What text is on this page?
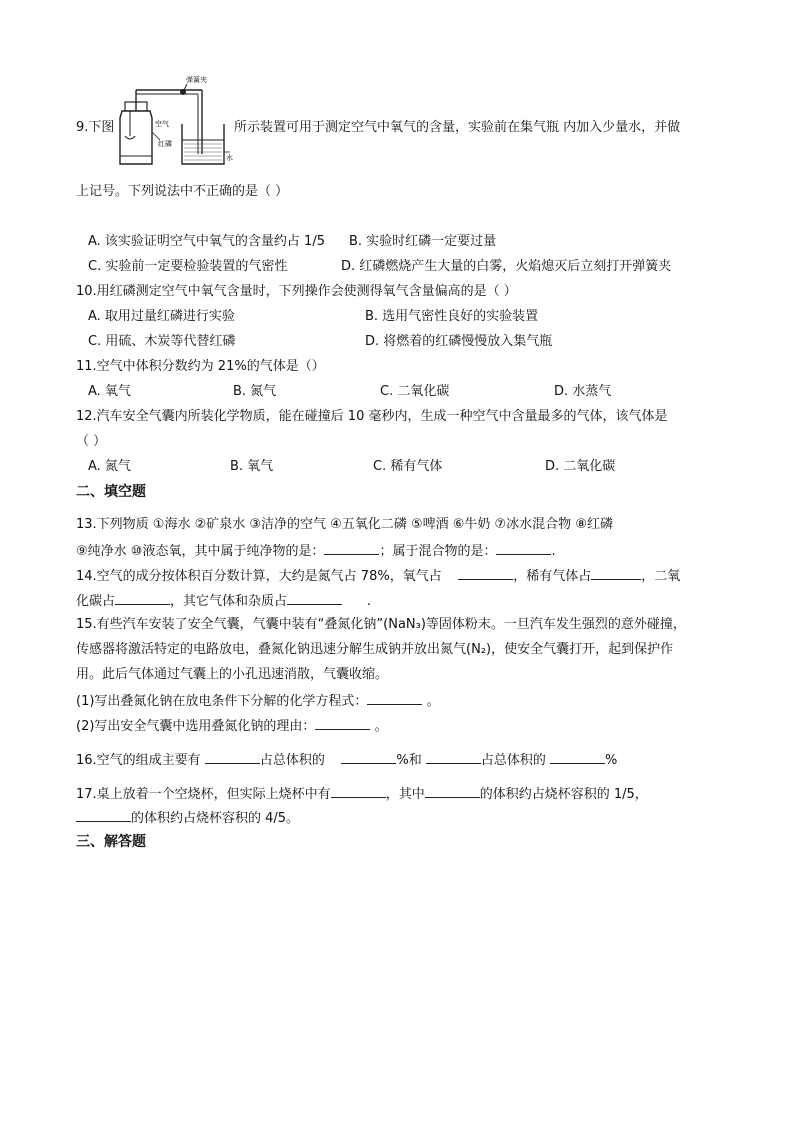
弹簧夹
空气
红磷
水
9.下图	所示装置可用于测定空气中氧气的含量，实验前在集气瓶 内加入少量水，并做
上记号。下列说法中不正确的是（ ）
A. 该实验证明空气中氧气的含量约占 1/5 B. 实验时红磷一定要过量
C. 实验前一定要检验装置的气密性	D. 红磷燃烧产生大量的白雾，火焰熄灭后立刻打开弹簧夹
10.用红磷测定空气中氧气含量时，下列操作会使测得氧气含量偏高的是（ ）
A. 取用过量红磷进行实验	B. 选用气密性良好的实验装置
C. 用硫、木炭等代替红磷	D. 将燃着的红磷慢慢放入集气瓶
11.空气中体积分数约为 21%的气体是（）
A. 氧气	B. 氮气	C. 二氧化碳	D. 水蒸气
12.汽车安全气囊内所装化学物质，能在碰撞后 10 毫秒内，生成一种空气中含量最多的气体，该气体是
（ ）
A. 氮气	B. 氧气	C. 稀有气体	D. 二氧化碳
二、填空题
13.下列物质 ①海水 ②矿泉水 ③洁净的空气 ④五氧化二磷 ⑤啤酒 ⑥牛奶 ⑦冰水混合物 ⑧红磷
⑨纯净水 ⑩液态氧，其中属于纯净物的是：	；属于混合物的是：	.
14.空气的成分按体积百分数计算，大约是氮气占 78%，氧气占	，稀有气体占	，二氧
化碳占	，其它气体和杂质占	.
15.有些汽车安装了安全气囊，气囊中装有“叠氮化钠”(NaN₃)等固体粉末。一旦汽车发生强烈的意外碰撞，
传感器将激活特定的电路放电，叠氮化钠迅速分解生成钠并放出氮气(N₂)，使安全气囊打开，起到保护作
用。此后气体通过气囊上的小孔迅速消散，气囊收缩。
(1)写出叠氮化钠在放电条件下分解的化学方程式：	。
(2)写出安全气囊中选用叠氮化钠的理由：	。
16.空气的组成主要有	占总体积的	%和	占总体积的	%
17.桌上放着一个空烧杯，但实际上烧杯中有	，其中	的体积约占烧杯容积的 1/5，
的体积约占烧杯容积的 4/5。
三、解答题
